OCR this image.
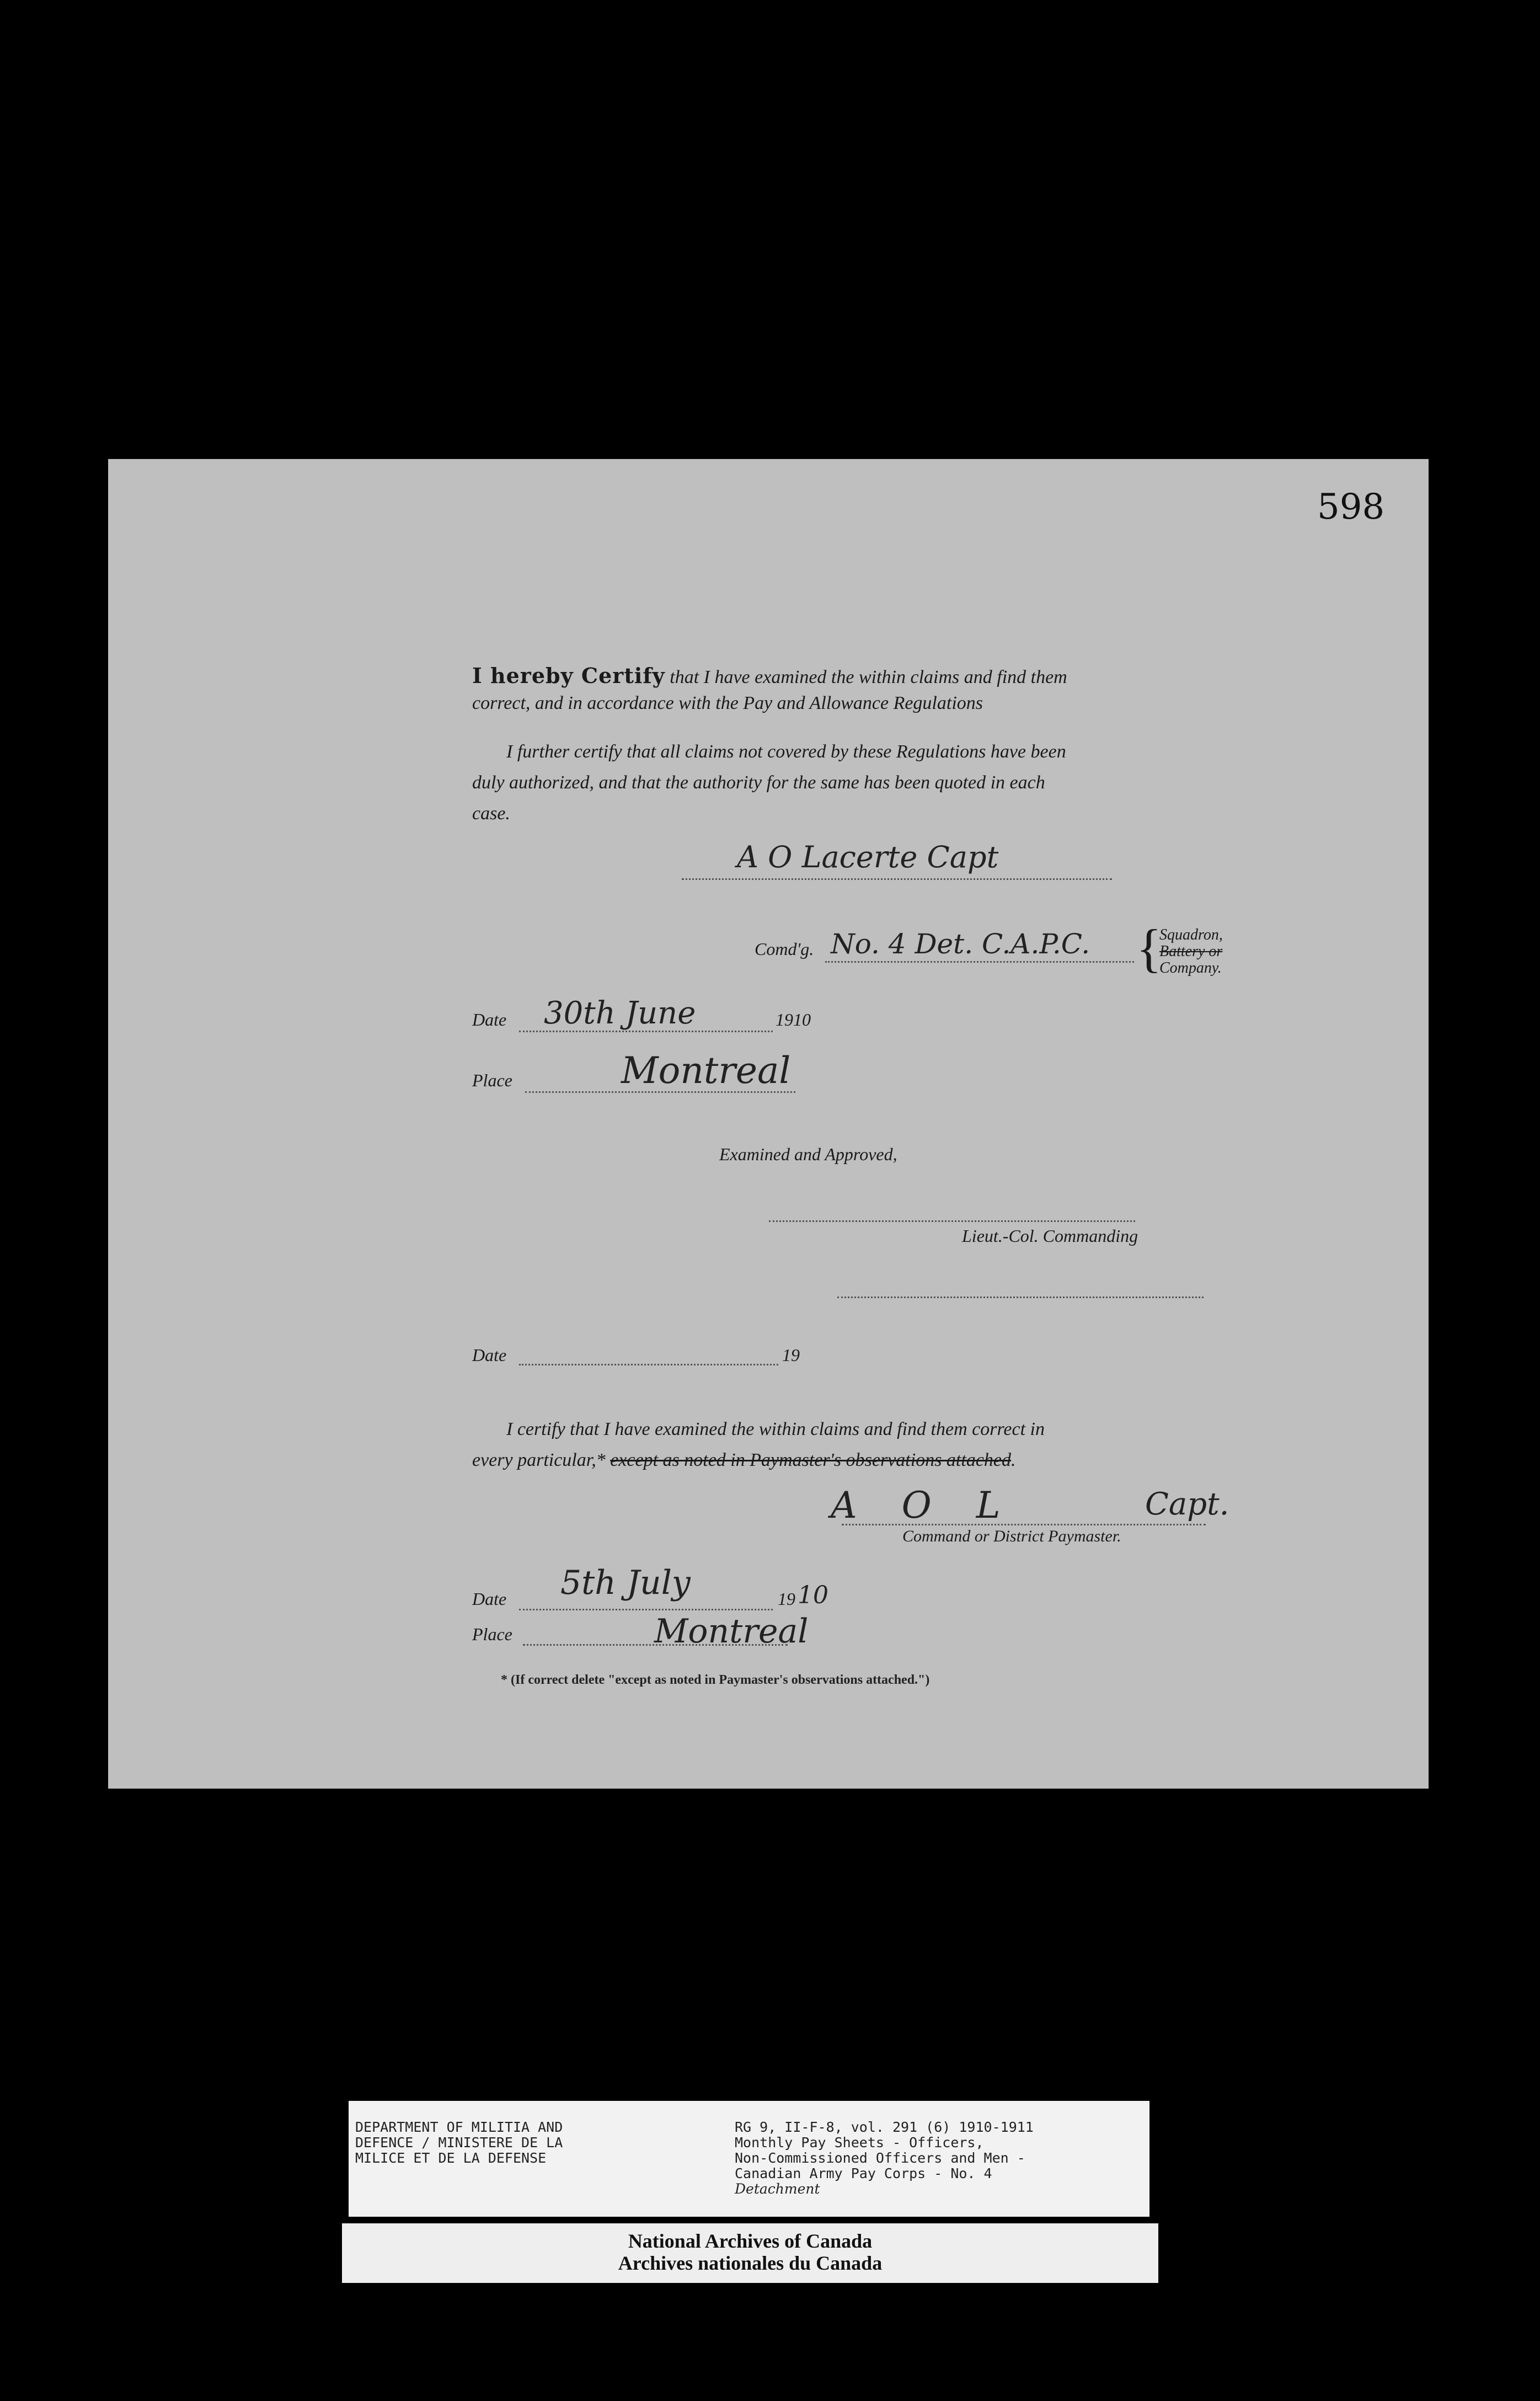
598
I hereby Certify that I have examined the within claims and find them
correct, and in accordance with the Pay and Allowance Regulations
I further certify that all claims not covered by these Regulations have been
duly authorized, and that the authority for the same has been quoted in each
case.
A O Lacerte Capt
Comd'g. No. 4 Det. C.A.P.C. {
Squadron,
Battery or
Company.
Date 30th June	1910
Place	Montreal
Examined and Approved,
Lieut.-Col. Commanding
Date	19
I certify that I have examined the within claims and find them correct in
every particular,* except as noted in Paymaster's observations attached.
A O L	Capt.
Command or District Paymaster.
Date 5th July	19 10
Place	Montreal
* (If correct delete "except as noted in Paymaster's observations attached.")
DEPARTMENT OF MILITIA AND
DEFENCE / MINISTERE DE LA
MILICE ET DE LA DEFENSE
RG 9, II-F-8, vol. 291 (6) 1910-1911
Monthly Pay Sheets - Officers,
Non-Commissioned Officers and Men -
Canadian Army Pay Corps - No. 4
Detachment
National Archives of Canada
Archives nationales du Canada
